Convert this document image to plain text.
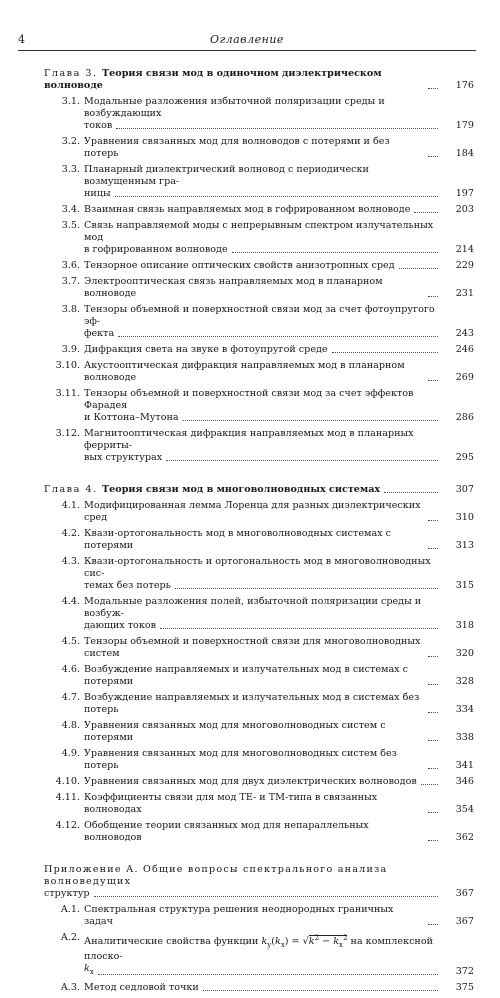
4	Оглавление
Глава 3. Теория связи мод в одиночном диэлектрическом волноводе	176
3.1. Модальные разложения избыточной поляризации среды и возбуждающих
токов	179
3.2. Уравнения связанных мод для волноводов с потерями и без потерь	184
3.3. Планарный диэлектрический волновод с периодически возмущенным гра-
ницы	197
3.4. Взаимная связь направляемых мод в гофрированном волноводе	203
3.5. Связь направляемой моды с непрерывным спектром излучательных мод
в гофрированном волноводе	214
3.6. Тензорное описание оптических свойств анизотропных сред	229
3.7. Электрооптическая связь направляемых мод в планарном волноводе	231
3.8. Тензоры объемной и поверхностной связи мод за счет фотоупругого эф-
фекта	243
3.9. Дифракция света на звуке в фотоупругой среде	246
3.10. Акустооптическая дифракция направляемых мод в планарном волноводе	269
3.11. Тензоры объемной и поверхностной связи мод за счет эффектов Фарадея
и Коттона–Мутона	286
3.12. Магнитооптическая дифракция направляемых мод в планарных ферриты-
вых структурах	295
Глава 4. Теория связи мод в многоволноводных системах	307
4.1. Модифицированная лемма Лоренца для разных диэлектрических сред	310
4.2. Квази-ортогональность мод в многоволноводных системах с потерями	313
4.3. Квази-ортогональность и ортогональность мод в многоволноводных сис-
темах без потерь	315
4.4. Модальные разложения полей, избыточной поляризации среды и возбуж-
дающих токов	318
4.5. Тензоры объемной и поверхностной связи для многоволноводных систем	320
4.6. Возбуждение направляемых и излучательных мод в системах с потерями	328
4.7. Возбуждение направляемых и излучательных мод в системах без потерь	334
4.8. Уравнения связанных мод для многоволноводных систем с потерями	338
4.9. Уравнения связанных мод для многоволноводных систем без потерь	341
4.10. Уравнения связанных мод для двух диэлектрических волноводов	346
4.11. Коэффициенты связи для мод TE- и TM-типа в связанных волноводах	354
4.12. Обобщение теории связанных мод для непараллельных волноводов	362
Приложение А. Общие вопросы спектрального анализа волноведущих
структур	367
A.1. Спектральная структура решения неоднородных граничных задач	367
A.2. Аналитические свойства функции $k_y(k_x) = √k^2 - k_x^2$ на комплексной плоско-
$k_x$	372
A.3. Метод седловой точки	375
